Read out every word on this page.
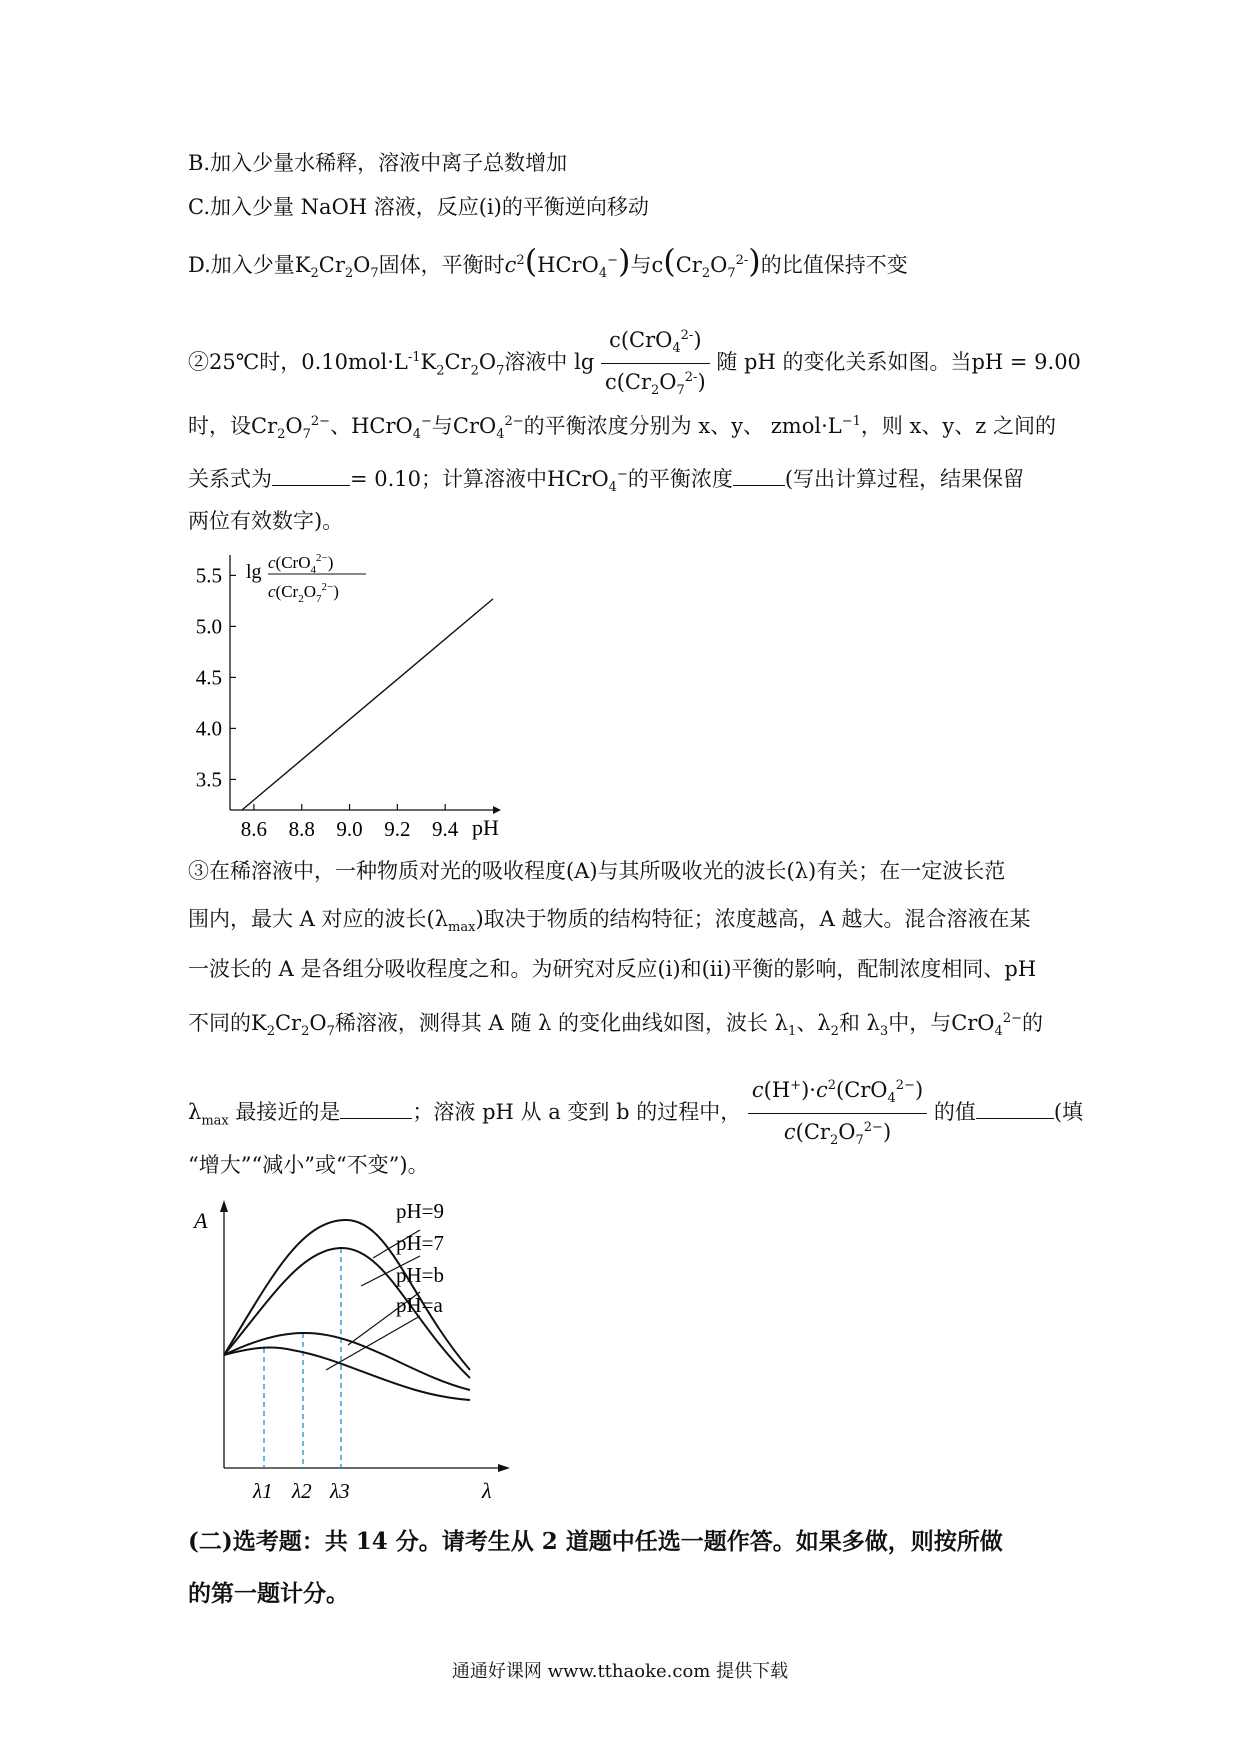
B.加入少量水稀释，溶液中离子总数增加
C.加入少量 NaOH 溶液，反应(i)的平衡逆向移动
D.加入少量$K_2Cr_2O_7$固体，平衡时$c^2(HCrO_4^-)$与$c(Cr_2O_7^{2-})$的比值保持不变
②25℃时，$0.10mol\cdot L^{-1}K_2Cr_2O_7$溶液中 $\lg \frac{c(CrO_4^{2-})}{c(Cr_2O_7^{2-})}$ 随 pH 的变化关系如图。当pH = 9.00
时，设$Cr_2O_7^{2-}$、HCrO$_4$−与CrO$_4^{2-}$的平衡浓度分别为 x、y、 $zmol\cdot L^{-1}$，则 x、y、z 之间的
关系式为	= 0.10；计算溶液中HCrO$_4$−的平衡浓度 (写出计算过程，结果保留
两位有效数字)。
3.5
4.0
4.5
5.0
5.5
8.6 8.8 9.0 9.2 9.4
lg c(CrO$_4^{2-}$)
$c(Cr_2O_7^{2-})$
pH
③在稀溶液中，一种物质对光的吸收程度(A)与其所吸收光的波长(λ)有关；在一定波长范
围内，最大 A 对应的波长$(\lambda_{max})$取决于物质的结构特征；浓度越高，A 越大。混合溶液在某
一波长的 A 是各组分吸收程度之和。为研究对反应(i)和(ii)平衡的影响，配制浓度相同、pH
不同的$K_2Cr_2O_7$稀溶液，测得其 A 随 λ 的变化曲线如图，波长 $\lambda_1$、$\lambda_2$和 $\lambda_3$中，与CrO$_4^{2-}$的
$\lambda_{max}$ 最接近的是	；溶液 pH 从 a 变到 b 的过程中， $\frac{c(H^+)\cdot c^2(CrO_4^{2-})}{c(Cr_2O_7^{2-})}$ 的值	(填
“增大”“减小”或“不变”)。
A
λ
pH=9
pH=7
pH=b
pH=a
λ1 λ2 λ3
(二)选考题：共 14 分。请考生从 2 道题中任选一题作答。如果多做，则按所做
的第一题计分。
通通好课网 www.tthaoke.com 提供下载
